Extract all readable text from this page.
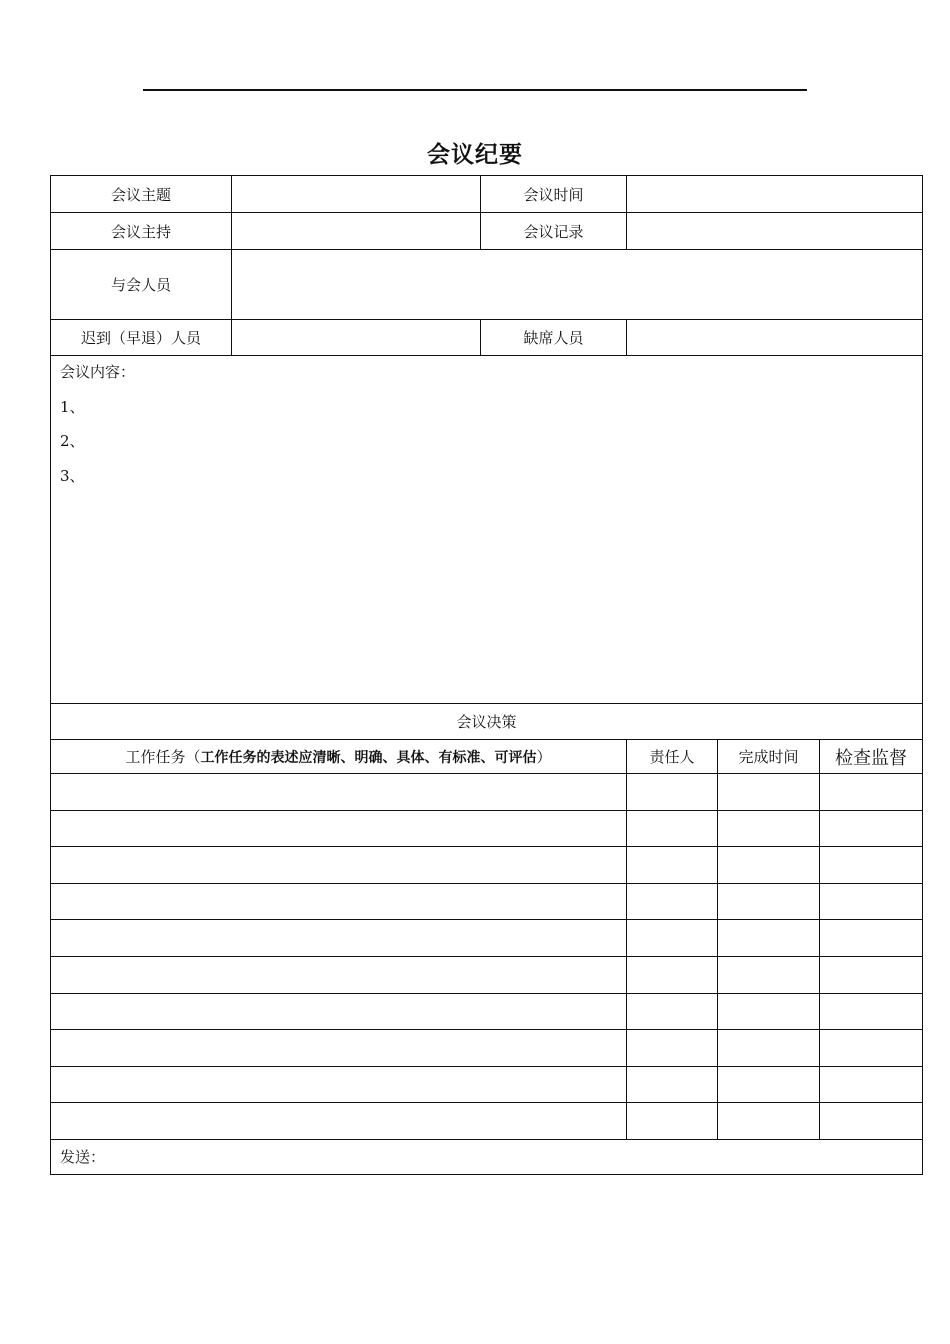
会议纪要
会议主题		会议时间	
会议主持		会议记录	
与会人员			
迟到（早退）人员		缺席人员	

会议内容：
1、
2、
3、			
会议决策			
工作任务（工作任务的表述应清晰、明确、具体、有标准、可评估）	责任人	完成时间	检查监督

发送：			
